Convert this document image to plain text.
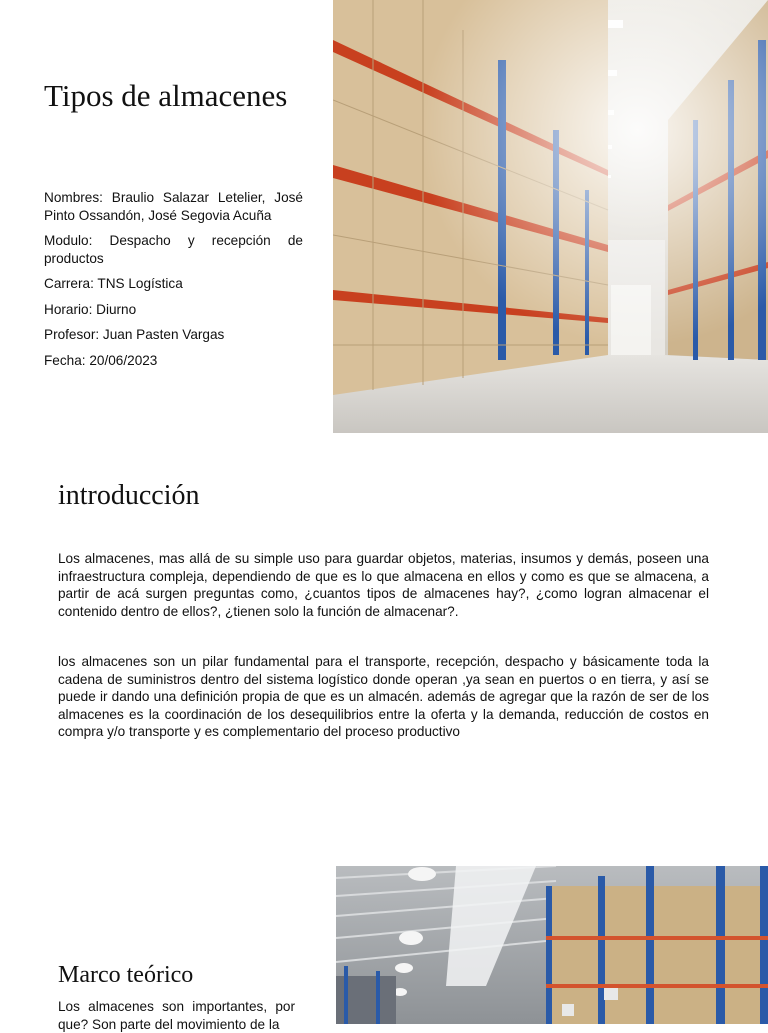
Tipos de almacenes

Nombres: Braulio Salazar Letelier, José Pinto Ossandón, José Segovia Acuña

Modulo: Despacho y recepción de productos

Carrera: TNS Logística

Horario: Diurno

Profesor: Juan Pasten Vargas

Fecha: 20/06/2023

introducción

Los almacenes, mas allá de su simple uso para guardar objetos, materias, insumos y demás, poseen una infraestructura compleja, dependiendo de que es lo que almacena en ellos y como es que se almacena, a partir de acá surgen preguntas como, ¿cuantos tipos de almacenes hay?, ¿como logran almacenar el contenido dentro de ellos?, ¿tienen solo la función de almacenar?.

los almacenes son un pilar fundamental para el transporte, recepción, despacho y básicamente toda la cadena de suministros dentro del sistema logístico donde operan ,ya sean en puertos o en tierra, y así se puede ir dando una definición propia de que es un almacén. además de agregar que la razón de ser de los almacenes es la coordinación de los desequilibrios entre la oferta y la demanda, reducción de costos en compra y/o transporte y es complementario del proceso productivo

Marco teórico

Los almacenes son importantes, por que? Son parte del movimiento de la
